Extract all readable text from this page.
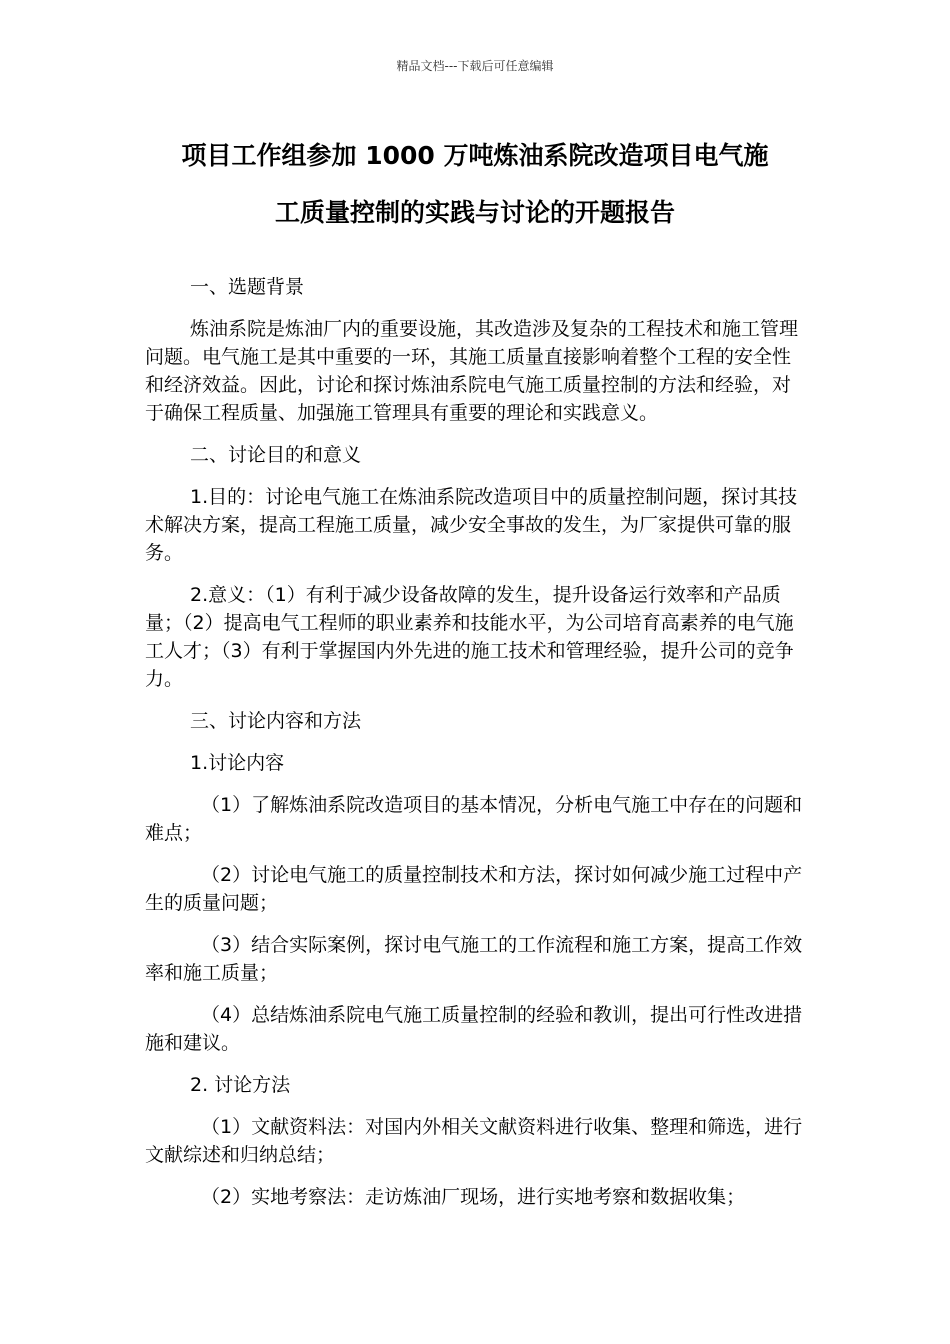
精品文档---下载后可任意编辑
项目工作组参加 1000 万吨炼油系院改造项目电气施
工质量控制的实践与讨论的开题报告

一、选题背景

炼油系院是炼油厂内的重要设施，其改造涉及复杂的工程技术和施工管理问题。电气施工是其中重要的一环，其施工质量直接影响着整个工程的安全性和经济效益。因此，讨论和探讨炼油系院电气施工质量控制的方法和经验，对于确保工程质量、加强施工管理具有重要的理论和实践意义。

二、讨论目的和意义

1.目的：讨论电气施工在炼油系院改造项目中的质量控制问题，探讨其技术解决方案，提高工程施工质量，减少安全事故的发生，为厂家提供可靠的服务。

2.意义：（1）有利于减少设备故障的发生，提升设备运行效率和产品质量；（2）提高电气工程师的职业素养和技能水平，为公司培育高素养的电气施工人才；（3）有利于掌握国内外先进的施工技术和管理经验，提升公司的竞争力。

三、讨论内容和方法

1.讨论内容

（1）了解炼油系院改造项目的基本情况，分析电气施工中存在的问题和难点；

（2）讨论电气施工的质量控制技术和方法，探讨如何减少施工过程中产生的质量问题；

（3）结合实际案例，探讨电气施工的工作流程和施工方案，提高工作效率和施工质量；

（4）总结炼油系院电气施工质量控制的经验和教训，提出可行性改进措施和建议。

2. 讨论方法

（1）文献资料法：对国内外相关文献资料进行收集、整理和筛选，进行文献综述和归纳总结；

（2）实地考察法：走访炼油厂现场，进行实地考察和数据收集；
